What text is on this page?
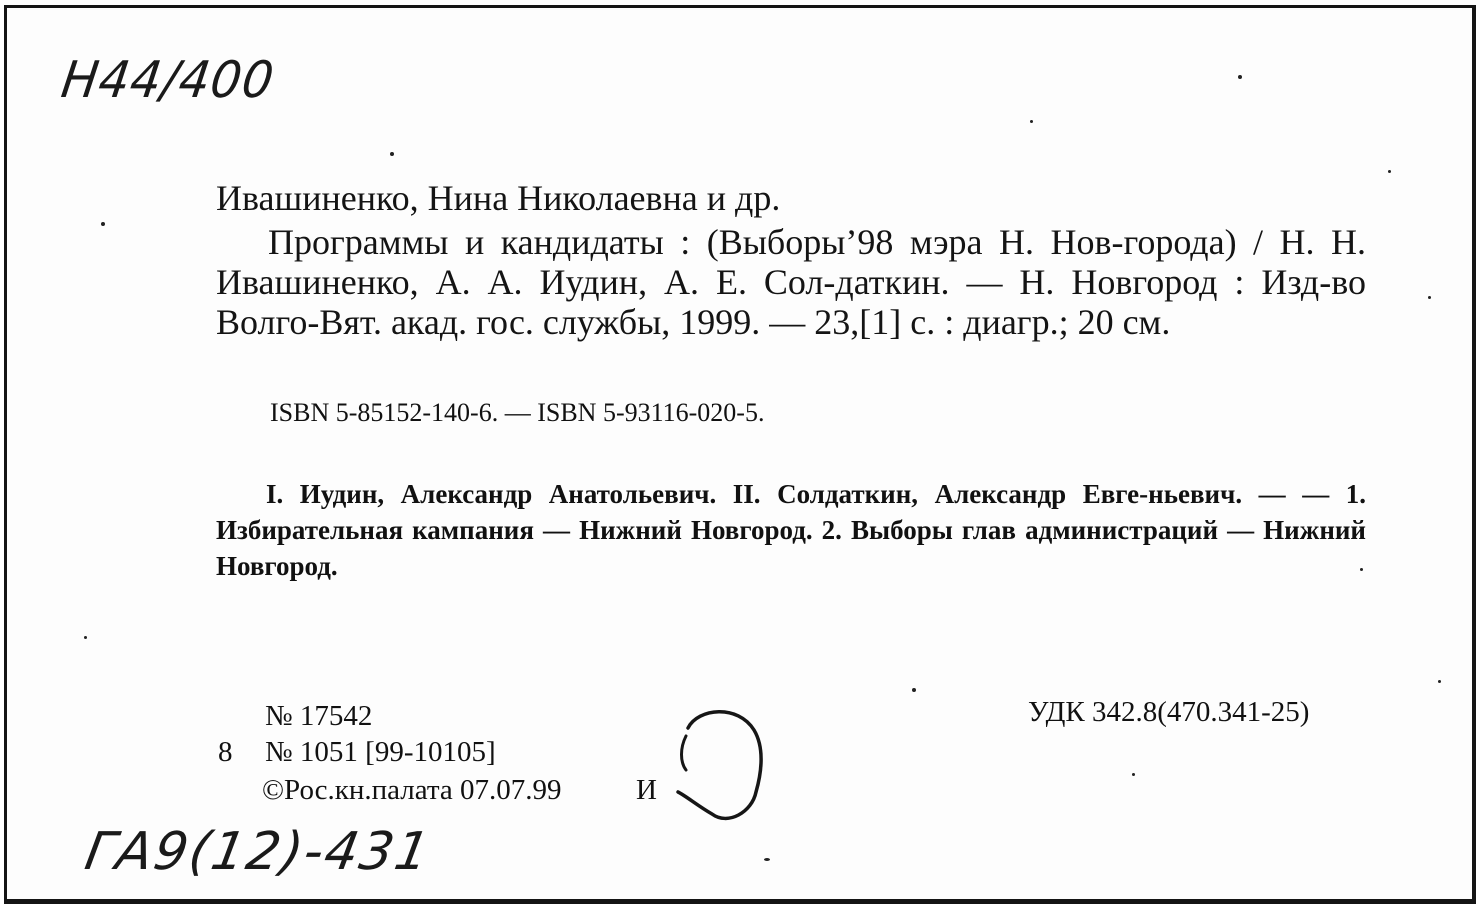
Н44/400
Ивашиненко, Нина Николаевна и др.
Программы и кандидаты : (Выборы’98 мэра Н. Нов-города) / Н. Н. Ивашиненко, А. А. Иудин, А. Е. Сол-даткин. — Н. Новгород : Изд-во Волго-Вят. акад. гос. службы, 1999. — 23,[1] с. : диагр.; 20 см.
ISBN 5-85152-140-6. — ISBN 5-93116-020-5.
I. Иудин, Александр Анатольевич. II. Солдаткин, Александр Евге-ньевич. — — 1. Избирательная кампания — Нижний Новгород. 2. Выборы глав администраций — Нижний Новгород.
№ 17542
8 № 1051 [99-10105]
©Рос.кн.палата 07.07.99	И
УДК 342.8(470.341-25)
ГА9(12)-431
